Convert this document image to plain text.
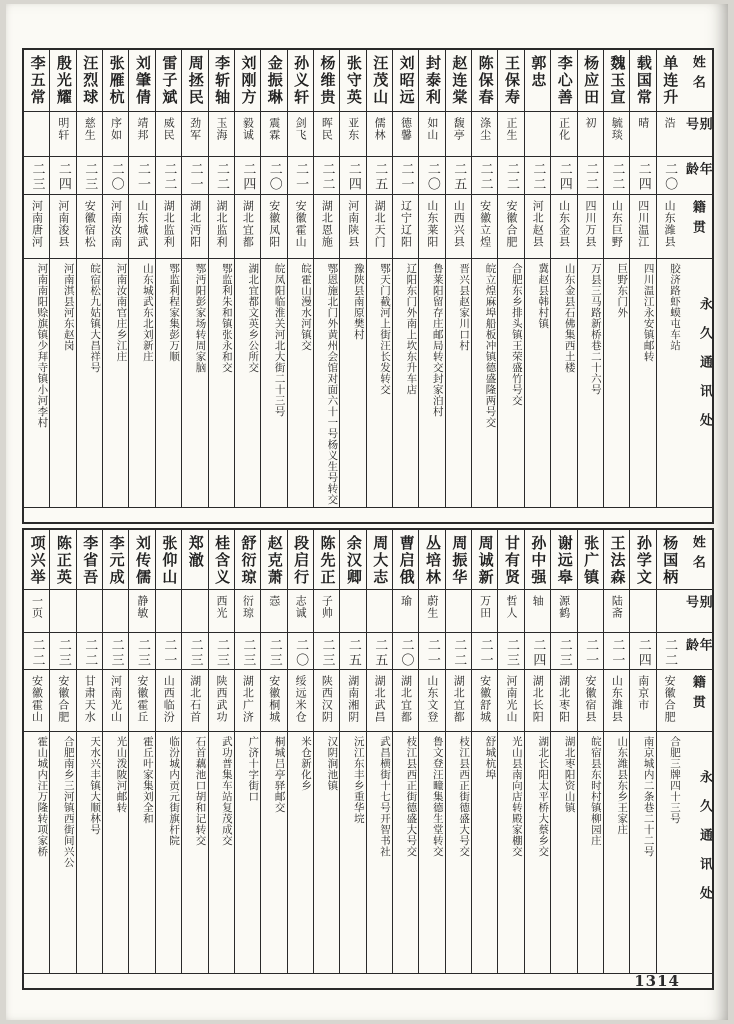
姓名
别号
年龄
籍贯
永久通讯处
单连升
浩
二〇
山东潍县
胶济路虾蟆屯车站
载国常
晴
二四
四川温江
四川温江永安镇邮转
魏玉宣
毓琰
二二
山东巨野
巨野东门外
杨应田
初
二二
四川万县
万县三马路新桥巷二十六号
李心善
正化
二四
山东金县
山东金县石佛集西土楼
郭忠
二二
河北赵县
冀赵县韩村镇
王保寿
正生
二二
安徽合肥
合肥东乡排头镇王荣盛竹号交
陈保春
涤尘
二二
安徽立煌
皖立煌麻埠船板冲镇德盛隆两号交
赵连棠
馥亭
二五
山西兴县
晋兴县赵家川口村
封泰利
如山
二〇
山东莱阳
鲁莱阳留存庄邮局转交封家泊村
刘昭远
德馨
二一
辽宁辽阳
辽阳东门外南上坎东升车店
汪茂山
儒林
二五
湖北天门
鄂天门截河上街汪长发转交
张守英
亚东
二四
河南陕县
豫陕县南原樊村
杨维贵
晖民
二二
湖北恩施
鄂恩施北门外黄州会馆对面六十一号杨义生号转交
孙义轩
剑飞
二一
安徽霍山
皖霍山漫水河镇交
金振琳
震霖
二〇
安徽凤阳
皖凤阳临淮关河北大街二十三号
刘刚方
毅诚
二四
湖北宜都
湖北宜都文英乡公所交
李斩轴
玉海
二二
湖北监利
鄂监利朱和镇张永和交
周拯民
劲军
二一
湖北沔阳
鄂沔阳彭家场转周家脑
雷子斌
威民
二二
湖北监利
鄂监利程家集彭万顺
刘肇倩
靖邦
二一
山东城武
山东城武东北刘新庄
张雁杭
序如
二〇
河南汝南
河南汝南官庄乡江庄
汪烈球
慈生
二三
安徽宿松
皖宿松九姑镇大昌祥号
殷光耀
明轩
二四
河南浚县
河南淇县河东赵岗
李五常
二三
河南唐河
河南南阳赊旗镇少拜寺镇小河李村
姓名
别号
年龄
籍贯
永久通讯处
杨国柄
二二
安徽合肥
合肥三牌四十三号
孙学文
二四
南京市
南京城内二条巷二十二号
王法森
陆斋
二一
山东潍县
山东潍县东乡王家庄
张广镇
二一
安徽宿县
皖宿县东时村镇柳园庄
谢远皋
源鹤
二三
湖北枣阳
湖北枣阳资山镇
孙中强
轴
二四
湖北长阳
湖北长阳太平桥大蔡乡交
甘有贤
哲人
二三
河南光山
光山县南向店转殿家棚交
周诚新
万田
二一
安徽舒城
舒城杭埠
周振华
二二
湖北宜都
枝江县西正街德盛大号交
丛培林
蔚生
二一
山东文登
鲁文登汪疃集德生堂转交
曹启俄
瑜
二〇
湖北宜都
枝江县西正街德盛大号交
周大志
二五
湖北武昌
武昌横街十七号开智书社
余汉卿
二五
湖南湘阴
沅江东丰乡重华垸
陈先正
子帅
二三
陕西汉阴
汉阴涧池镇
段启行
志诚
二〇
绥远米仓
米仓新化乡
赵克萧
悫
二三
安徽桐城
桐城吕亭驿邮交
舒衍琼
衍琼
二三
湖北广济
广济十字街口
桂含义
西光
二三
陕西武功
武功普集车站复茂成交
郑澈
二三
湖北石首
石首藕池口胡和记转交
张仰山
二一
山西临汾
临汾城内贡元街旗杆院
刘传儒
静敏
二三
安徽霍丘
霍丘叶家集刘全和
李元成
二三
河南光山
光山泼陂河邮转
李省吾
二二
甘肃天水
天水兴丰镇大顺林号
陈正英
二三
安徽合肥
合肥南乡三河镇西街间兴公
项兴举
一页
二二
安徽霍山
霍山城内汪万隆转项家桥
1314
